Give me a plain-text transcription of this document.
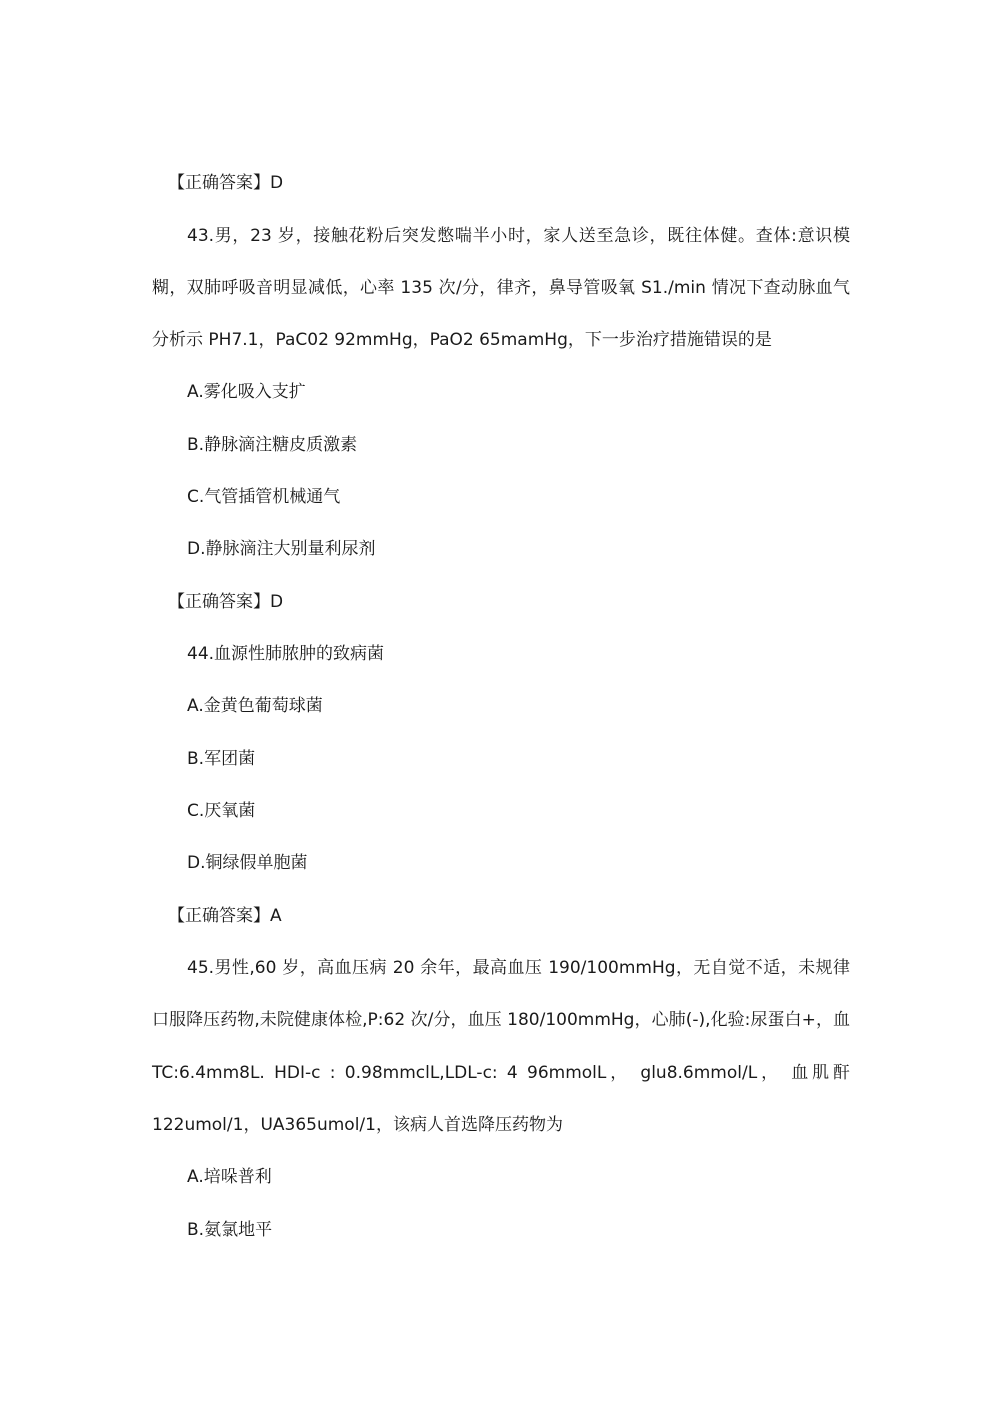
【正确答案】D
43.男，23 岁，接触花粉后突发憋喘半小时，家人送至急诊，既往体健。查体:意识模
糊，双肺呼吸音明显减低，心率 135 次/分，律齐，鼻导管吸氧 S1./min 情况下查动脉血气
分析示 PH7.1，PaC02 92mmHg，PaO2 65mamHg，下一步治疗措施错误的是
A.雾化吸入支扩
B.静脉滴注糖皮质激素
C.气管插管机械通气
D.静脉滴注大别量利尿剂
【正确答案】D
44.血源性肺脓肿的致病菌
A.金黄色葡萄球菌
B.军团菌
C.厌氧菌
D.铜绿假单胞菌
【正确答案】A
45.男性,60 岁，高血压病 20 余年，最高血压 190/100mmHg，无自觉不适，未规律
口服降压药物,未院健康体检,P:62 次/分，血压 180/100mmHg，心肺(-),化验:尿蛋白+，血
TC:6.4mm8L. HDI-c : 0.98mmclL,LDL-c: 4 96mmolL， glu8.6mmol/L， 血肌酐
122umol/1，UA365umol/1，该病人首选降压药物为
A.培哚普利
B.氨氯地平
